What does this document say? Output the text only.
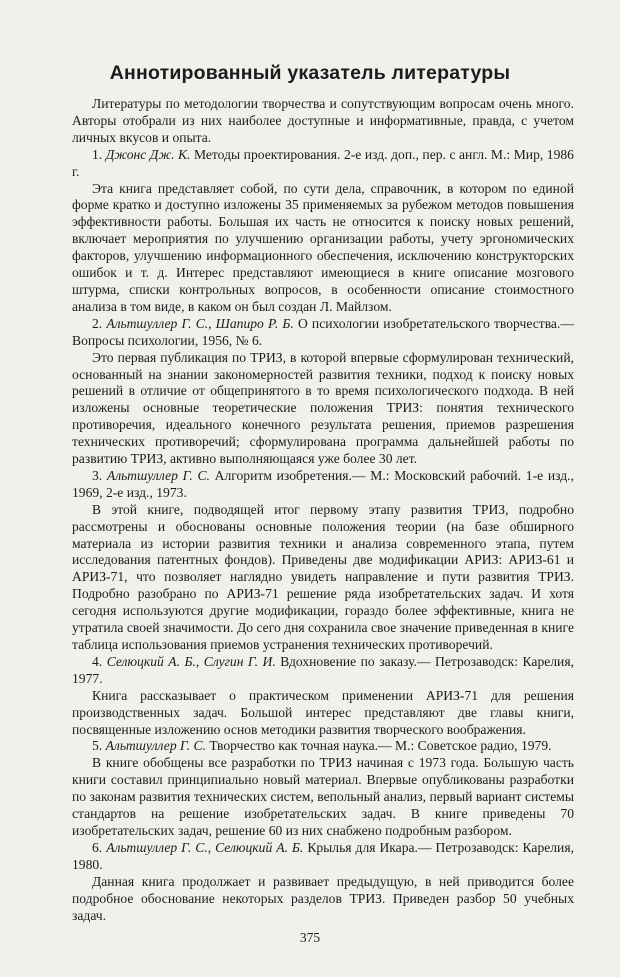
Аннотированный указатель литературы

Литературы по методологии творчества и сопутствующим вопросам очень много. Авторы отобрали из них наиболее доступные и информативные, правда, с учетом личных вкусов и опыта.

1. Джонс Дж. К. Методы проектирования. 2-е изд. доп., пер. с англ. М.: Мир, 1986 г.

Эта книга представляет собой, по сути дела, справочник, в котором по единой форме кратко и доступно изложены 35 применяемых за рубежом методов повышения эффективности работы. Большая их часть не относится к поиску новых решений, включает мероприятия по улучшению организации работы, учету эргономических факторов, улучшению информационного обеспечения, исключению конструкторских ошибок и т. д. Интерес представляют имеющиеся в книге описание мозгового штурма, списки контрольных вопросов, в особенности описание стоимостного анализа в том виде, в каком он был создан Л. Майлзом.

2. Альтшуллер Г. С., Шапиро Р. Б. О психологии изобретательского творчества.— Вопросы психологии, 1956, № 6.

Это первая публикация по ТРИЗ, в которой впервые сформулирован технический, основанный на знании закономерностей развития техники, подход к поиску новых решений в отличие от общепринятого в то время психологического подхода. В ней изложены основные теоретические положения ТРИЗ: понятия технического противоречия, идеального конечного результата решения, приемов разрешения технических противоречий; сформулирована программа дальнейшей работы по развитию ТРИЗ, активно выполняющаяся уже более 30 лет.

3. Альтшуллер Г. С. Алгоритм изобретения.— М.: Московский рабочий. 1-е изд., 1969, 2-е изд., 1973.

В этой книге, подводящей итог первому этапу развития ТРИЗ, подробно рассмотрены и обоснованы основные положения теории (на базе обширного материала из истории развития техники и анализа современного этапа, путем исследования патентных фондов). Приведены две модификации АРИЗ: АРИЗ-61 и АРИЗ-71, что позволяет наглядно увидеть направление и пути развития ТРИЗ. Подробно разобрано по АРИЗ-71 решение ряда изобретательских задач. И хотя сегодня используются другие модификации, гораздо более эффективные, книга не утратила своей значимости. До сего дня сохранила свое значение приведенная в книге таблица использования приемов устранения технических противоречий.

4. Селюцкий А. Б., Слугин Г. И. Вдохновение по заказу.— Петрозаводск: Карелия, 1977.

Книга рассказывает о практическом применении АРИЗ-71 для решения производственных задач. Большой интерес представляют две главы книги, посвященные изложению основ методики развития творческого воображения.

5. Альтшуллер Г. С. Творчество как точная наука.— М.: Советское радио, 1979.

В книге обобщены все разработки по ТРИЗ начиная с 1973 года. Большую часть книги составил принципиально новый материал. Впервые опубликованы разработки по законам развития технических систем, вепольный анализ, первый вариант системы стандартов на решение изобретательских задач. В книге приведены 70 изобретательских задач, решение 60 из них снабжено подробным разбором.

6. Альтшуллер Г. С., Селюцкий А. Б. Крылья для Икара.— Петрозаводск: Карелия, 1980.

Данная книга продолжает и развивает предыдущую, в ней приводится более подробное обоснование некоторых разделов ТРИЗ. Приведен разбор 50 учебных задач.

375
